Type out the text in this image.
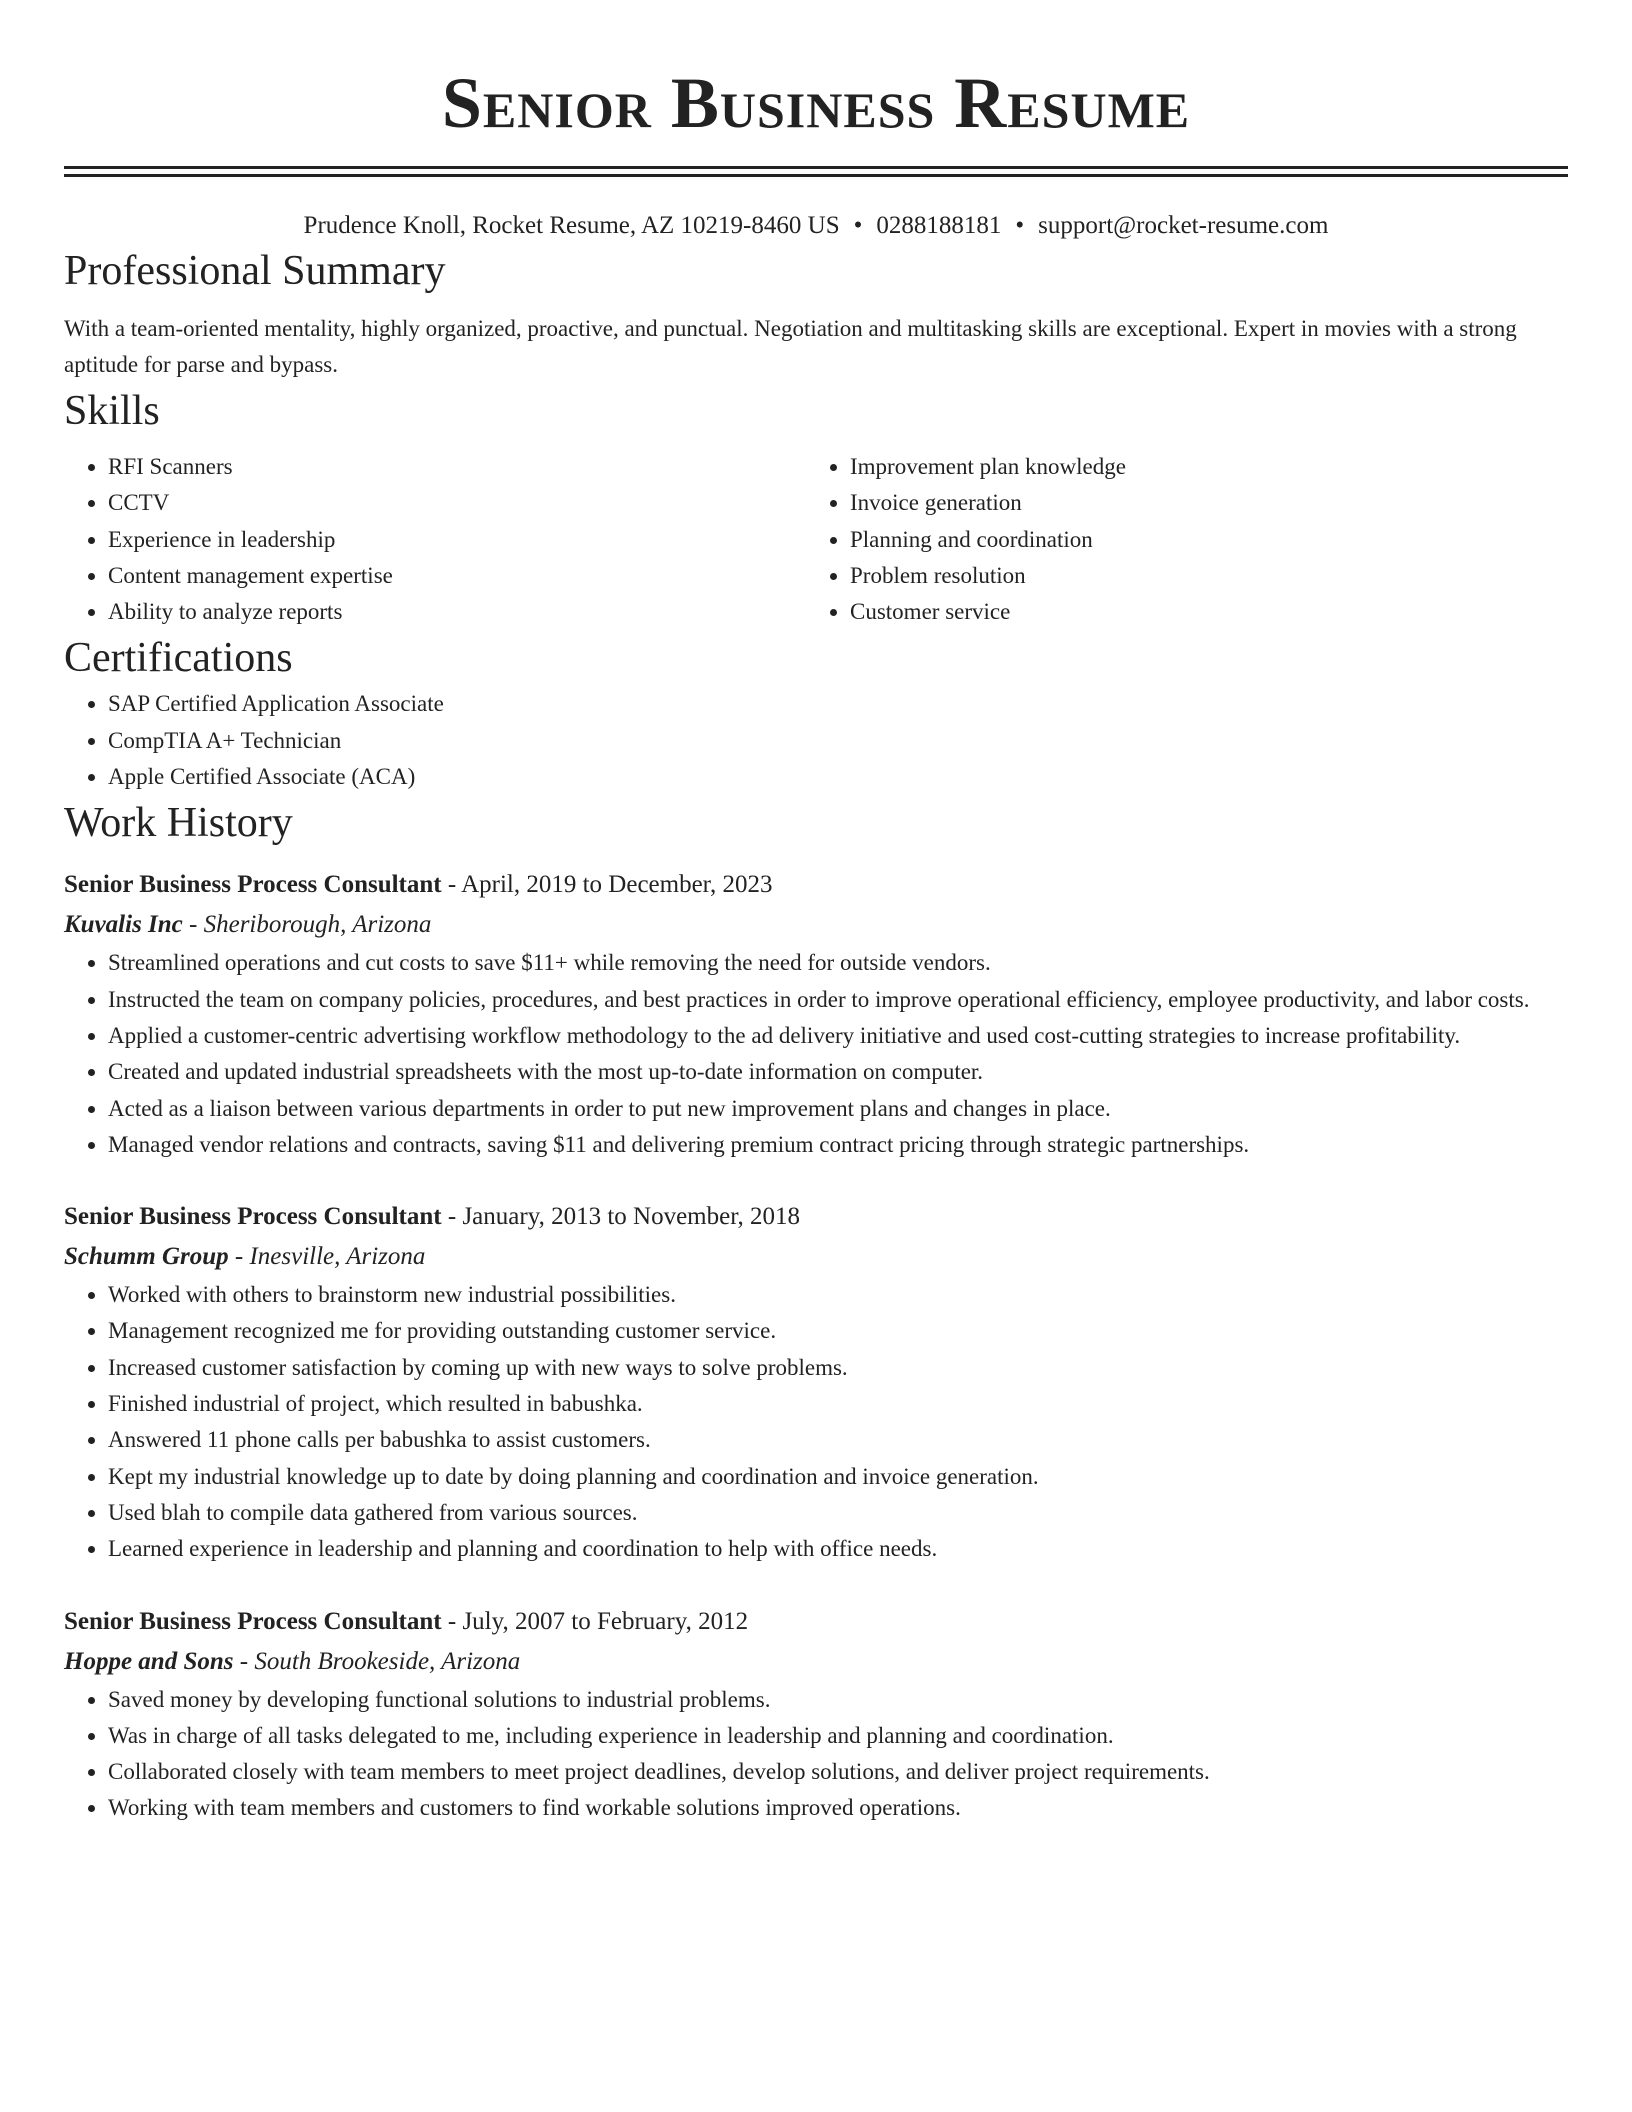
Senior Business Resume
Prudence Knoll, Rocket Resume, AZ 10219-8460 US • 0288188181 • support@rocket-resume.com
Professional Summary
With a team-oriented mentality, highly organized, proactive, and punctual. Negotiation and multitasking skills are exceptional. Expert in movies with a strong aptitude for parse and bypass.
Skills
• RFI Scanners
• CCTV
• Experience in leadership
• Content management expertise
• Ability to analyze reports
• Improvement plan knowledge
• Invoice generation
• Planning and coordination
• Problem resolution
• Customer service
Certifications
• SAP Certified Application Associate
• CompTIA A+ Technician
• Apple Certified Associate (ACA)
Work History
Senior Business Process Consultant - April, 2019 to December, 2023
Kuvalis Inc - Sheriborough, Arizona
• Streamlined operations and cut costs to save $11+ while removing the need for outside vendors.
• Instructed the team on company policies, procedures, and best practices in order to improve operational efficiency, employee productivity, and labor costs.
• Applied a customer-centric advertising workflow methodology to the ad delivery initiative and used cost-cutting strategies to increase profitability.
• Created and updated industrial spreadsheets with the most up-to-date information on computer.
• Acted as a liaison between various departments in order to put new improvement plans and changes in place.
• Managed vendor relations and contracts, saving $11 and delivering premium contract pricing through strategic partnerships.
Senior Business Process Consultant - January, 2013 to November, 2018
Schumm Group - Inesville, Arizona
• Worked with others to brainstorm new industrial possibilities.
• Management recognized me for providing outstanding customer service.
• Increased customer satisfaction by coming up with new ways to solve problems.
• Finished industrial of project, which resulted in babushka.
• Answered 11 phone calls per babushka to assist customers.
• Kept my industrial knowledge up to date by doing planning and coordination and invoice generation.
• Used blah to compile data gathered from various sources.
• Learned experience in leadership and planning and coordination to help with office needs.
Senior Business Process Consultant - July, 2007 to February, 2012
Hoppe and Sons - South Brookeside, Arizona
• Saved money by developing functional solutions to industrial problems.
• Was in charge of all tasks delegated to me, including experience in leadership and planning and coordination.
• Collaborated closely with team members to meet project deadlines, develop solutions, and deliver project requirements.
• Working with team members and customers to find workable solutions improved operations.
